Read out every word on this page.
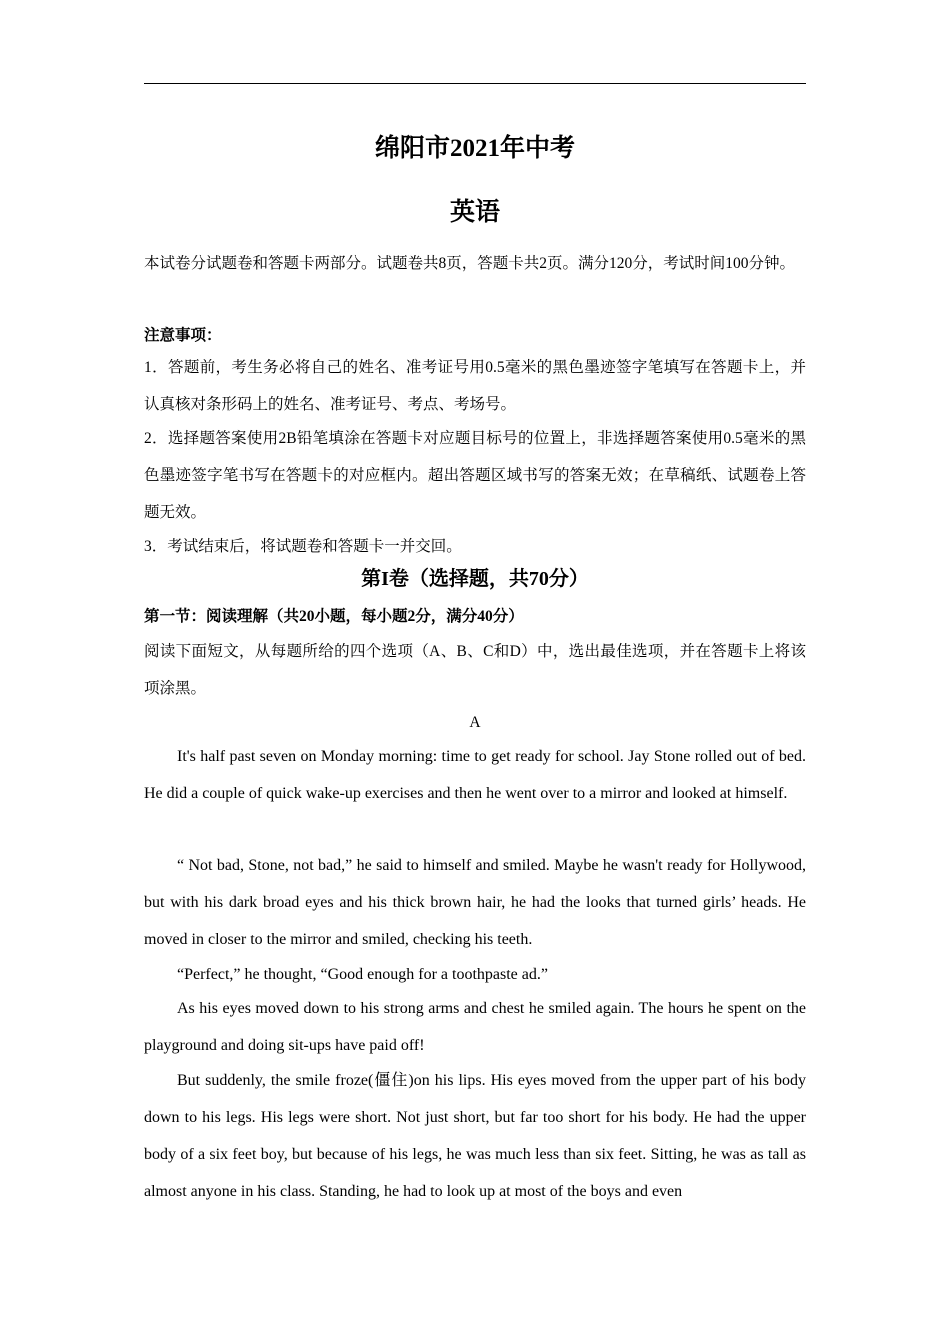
绵阳市2021年中考
英语
本试卷分试题卷和答题卡两部分。试题卷共8页，答题卡共2页。满分120分，考试时间100分钟。
注意事项：
1．答题前，考生务必将自己的姓名、准考证号用0.5毫米的黑色墨迹签字笔填写在答题卡上，并认真核对条形码上的姓名、准考证号、考点、考场号。
2．选择题答案使用2B铅笔填涂在答题卡对应题目标号的位置上，非选择题答案使用0.5毫米的黑色墨迹签字笔书写在答题卡的对应框内。超出答题区域书写的答案无效；在草稿纸、试题卷上答题无效。
3．考试结束后，将试题卷和答题卡一并交回。
第I卷（选择题，共70分）
第一节：阅读理解（共20小题，每小题2分，满分40分）
阅读下面短文，从每题所给的四个选项（A、B、C和D）中，选出最佳选项，并在答题卡上将该项涂黑。
A
It's half past seven on Monday morning: time to get ready for school. Jay Stone rolled out of bed. He did a couple of quick wake-up exercises and then he went over to a mirror and looked at himself.
“ Not bad, Stone, not bad,” he said to himself and smiled. Maybe he wasn't ready for Hollywood, but with his dark broad eyes and his thick brown hair, he had the looks that turned girls’ heads. He moved in closer to the mirror and smiled, checking his teeth.
“Perfect,” he thought, “Good enough for a toothpaste ad.”
As his eyes moved down to his strong arms and chest he smiled again. The hours he spent on the playground and doing sit-ups have paid off!
But suddenly, the smile froze(僵住)on his lips. His eyes moved from the upper part of his body down to his legs. His legs were short. Not just short, but far too short for his body. He had the upper body of a six feet boy, but because of his legs, he was much less than six feet. Sitting, he was as tall as almost anyone in his class. Standing, he had to look up at most of the boys and even
